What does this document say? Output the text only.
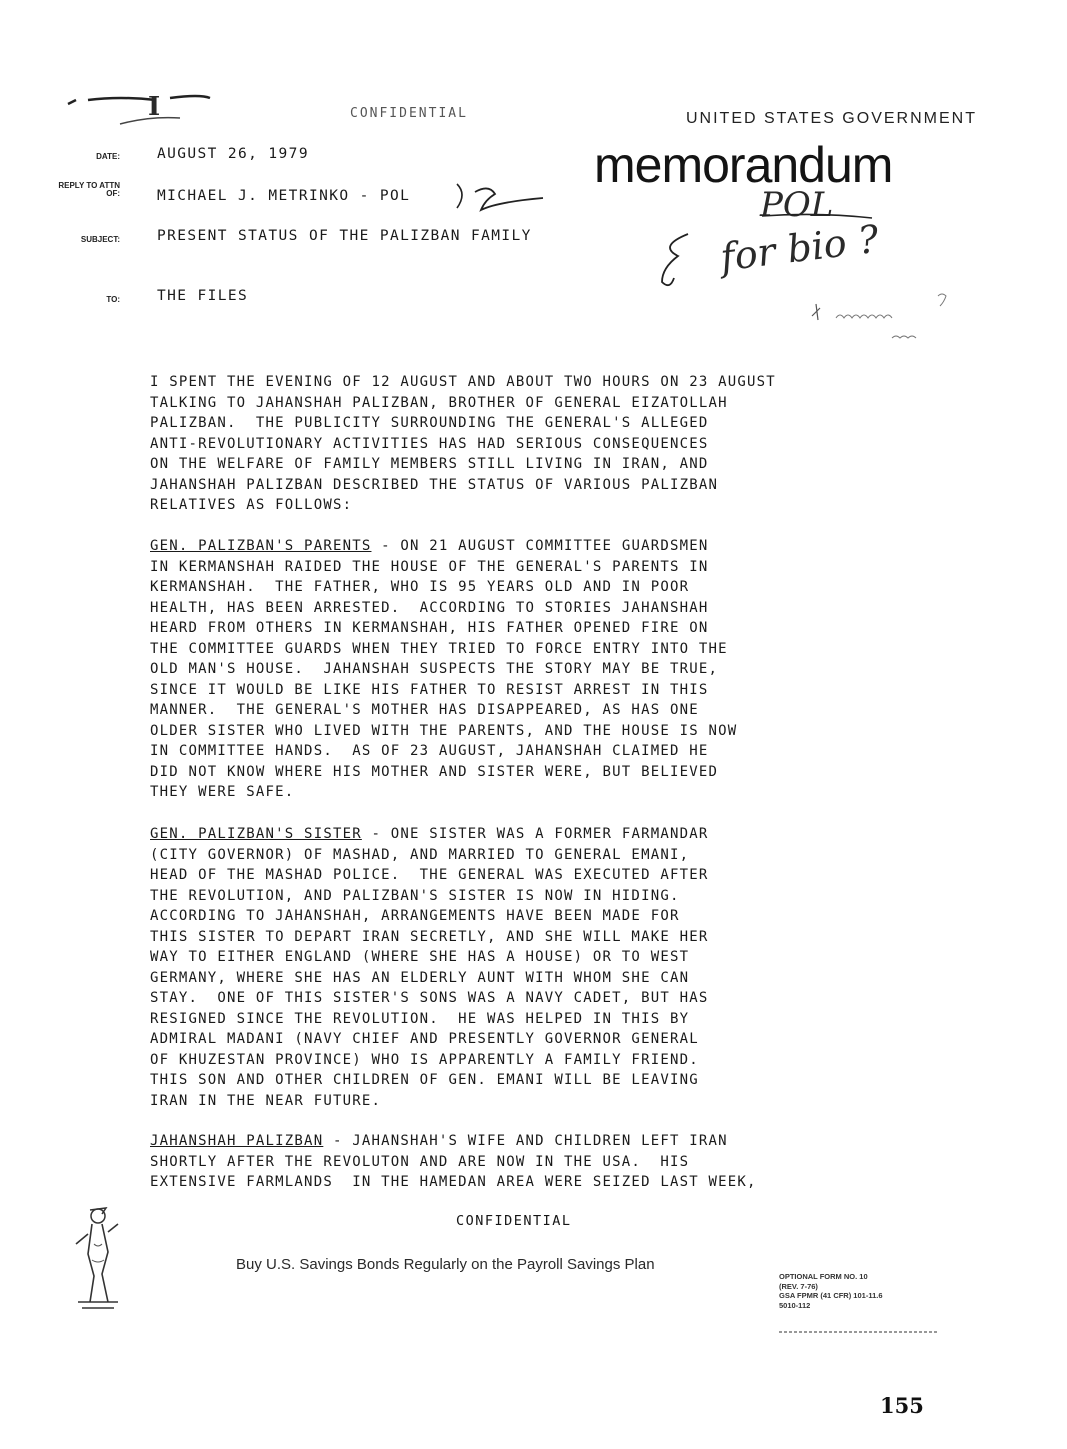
I	CONFIDENTIAL	UNITED STATES GOVERNMENT
memorandum
DATE:	AUGUST 26, 1979
REPLY TO ATTN OF:	MICHAEL J. METRINKO - POL
SUBJECT:	PRESENT STATUS OF THE PALIZBAN FAMILY
TO:	THE FILES
POL
for bio ?
I SPENT THE EVENING OF 12 AUGUST AND ABOUT TWO HOURS ON 23 AUGUST
TALKING TO JAHANSHAH PALIZBAN, BROTHER OF GENERAL EIZATOLLAH
PALIZBAN.  THE PUBLICITY SURROUNDING THE GENERAL'S ALLEGED
ANTI-REVOLUTIONARY ACTIVITIES HAS HAD SERIOUS CONSEQUENCES
ON THE WELFARE OF FAMILY MEMBERS STILL LIVING IN IRAN, AND
JAHANSHAH PALIZBAN DESCRIBED THE STATUS OF VARIOUS PALIZBAN
RELATIVES AS FOLLOWS:
GEN. PALIZBAN'S PARENTS - ON 21 AUGUST COMMITTEE GUARDSMEN
IN KERMANSHAH RAIDED THE HOUSE OF THE GENERAL'S PARENTS IN
KERMANSHAH.  THE FATHER, WHO IS 95 YEARS OLD AND IN POOR
HEALTH, HAS BEEN ARRESTED.  ACCORDING TO STORIES JAHANSHAH
HEARD FROM OTHERS IN KERMANSHAH, HIS FATHER OPENED FIRE ON
THE COMMITTEE GUARDS WHEN THEY TRIED TO FORCE ENTRY INTO THE
OLD MAN'S HOUSE.  JAHANSHAH SUSPECTS THE STORY MAY BE TRUE,
SINCE IT WOULD BE LIKE HIS FATHER TO RESIST ARREST IN THIS
MANNER.  THE GENERAL'S MOTHER HAS DISAPPEARED, AS HAS ONE
OLDER SISTER WHO LIVED WITH THE PARENTS, AND THE HOUSE IS NOW
IN COMMITTEE HANDS.  AS OF 23 AUGUST, JAHANSHAH CLAIMED HE
DID NOT KNOW WHERE HIS MOTHER AND SISTER WERE, BUT BELIEVED
THEY WERE SAFE.
GEN. PALIZBAN'S SISTER - ONE SISTER WAS A FORMER FARMANDAR
(CITY GOVERNOR) OF MASHAD, AND MARRIED TO GENERAL EMANI,
HEAD OF THE MASHAD POLICE.  THE GENERAL WAS EXECUTED AFTER
THE REVOLUTION, AND PALIZBAN'S SISTER IS NOW IN HIDING.
ACCORDING TO JAHANSHAH, ARRANGEMENTS HAVE BEEN MADE FOR
THIS SISTER TO DEPART IRAN SECRETLY, AND SHE WILL MAKE HER
WAY TO EITHER ENGLAND (WHERE SHE HAS A HOUSE) OR TO WEST
GERMANY, WHERE SHE HAS AN ELDERLY AUNT WITH WHOM SHE CAN
STAY.  ONE OF THIS SISTER'S SONS WAS A NAVY CADET, BUT HAS
RESIGNED SINCE THE REVOLUTION.  HE WAS HELPED IN THIS BY
ADMIRAL MADANI (NAVY CHIEF AND PRESENTLY GOVERNOR GENERAL
OF KHUZESTAN PROVINCE) WHO IS APPARENTLY A FAMILY FRIEND.
THIS SON AND OTHER CHILDREN OF GEN. EMANI WILL BE LEAVING
IRAN IN THE NEAR FUTURE.
JAHANSHAH PALIZBAN - JAHANSHAH'S WIFE AND CHILDREN LEFT IRAN
SHORTLY AFTER THE REVOLUTON AND ARE NOW IN THE USA.  HIS
EXTENSIVE FARMLANDS  IN THE HAMEDAN AREA WERE SEIZED LAST WEEK,
CONFIDENTIAL
Buy U.S. Savings Bonds Regularly on the Payroll Savings Plan
OPTIONAL FORM NO. 10
(REV. 7-76)
GSA FPMR (41 CFR) 101-11.6
5010-112
155
